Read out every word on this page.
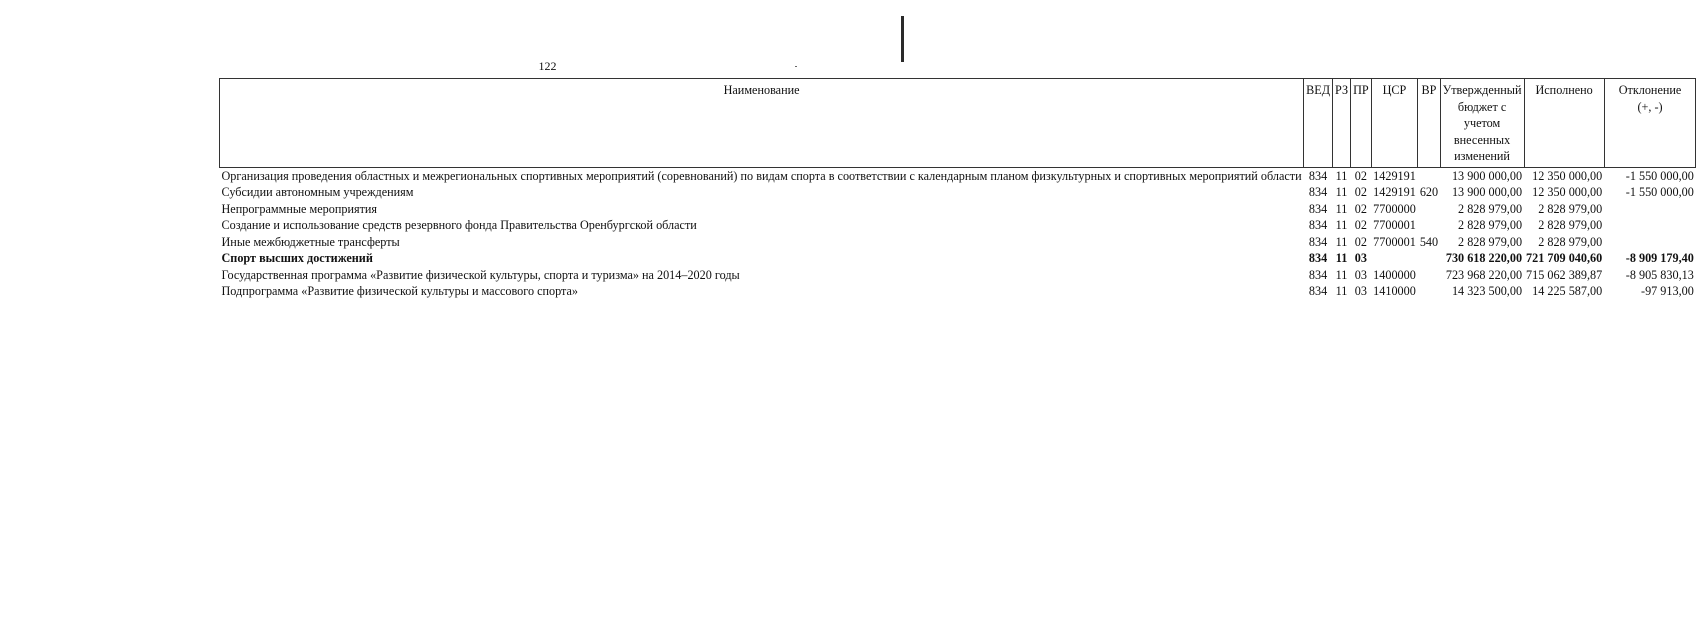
122
Наименование	ВЕД	РЗ	ПР	ЦСР	ВР	Утвержденный бюджет с учетом внесенных изменений	Исполнено	Отклонение (+, -)
Организация проведения областных и межрегиональных спортивных мероприятий (соревнований) по видам спорта в соответствии с календарным планом физкультурных и спортивных мероприятий области	834	11	02	1429191		13 900 000,00	12 350 000,00	-1 550 000,00
Субсидии автономным учреждениям	834	11	02	1429191	620	13 900 000,00	12 350 000,00	-1 550 000,00
Непрограммные мероприятия	834	11	02	7700000		2 828 979,00	2 828 979,00	
Создание и использование средств резервного фонда Правительства Оренбургской области	834	11	02	7700001		2 828 979,00	2 828 979,00	
Иные межбюджетные трансферты	834	11	02	7700001	540	2 828 979,00	2 828 979,00	
Спорт высших достижений	834	11	03			730 618 220,00	721 709 040,60	-8 909 179,40
Государственная программа «Развитие физической культуры, спорта и туризма» на 2014–2020 годы	834	11	03	1400000		723 968 220,00	715 062 389,87	-8 905 830,13
Подпрограмма «Развитие физической культуры и массового спорта»	834	11	03	1410000		14 323 500,00	14 225 587,00	-97 913,00
